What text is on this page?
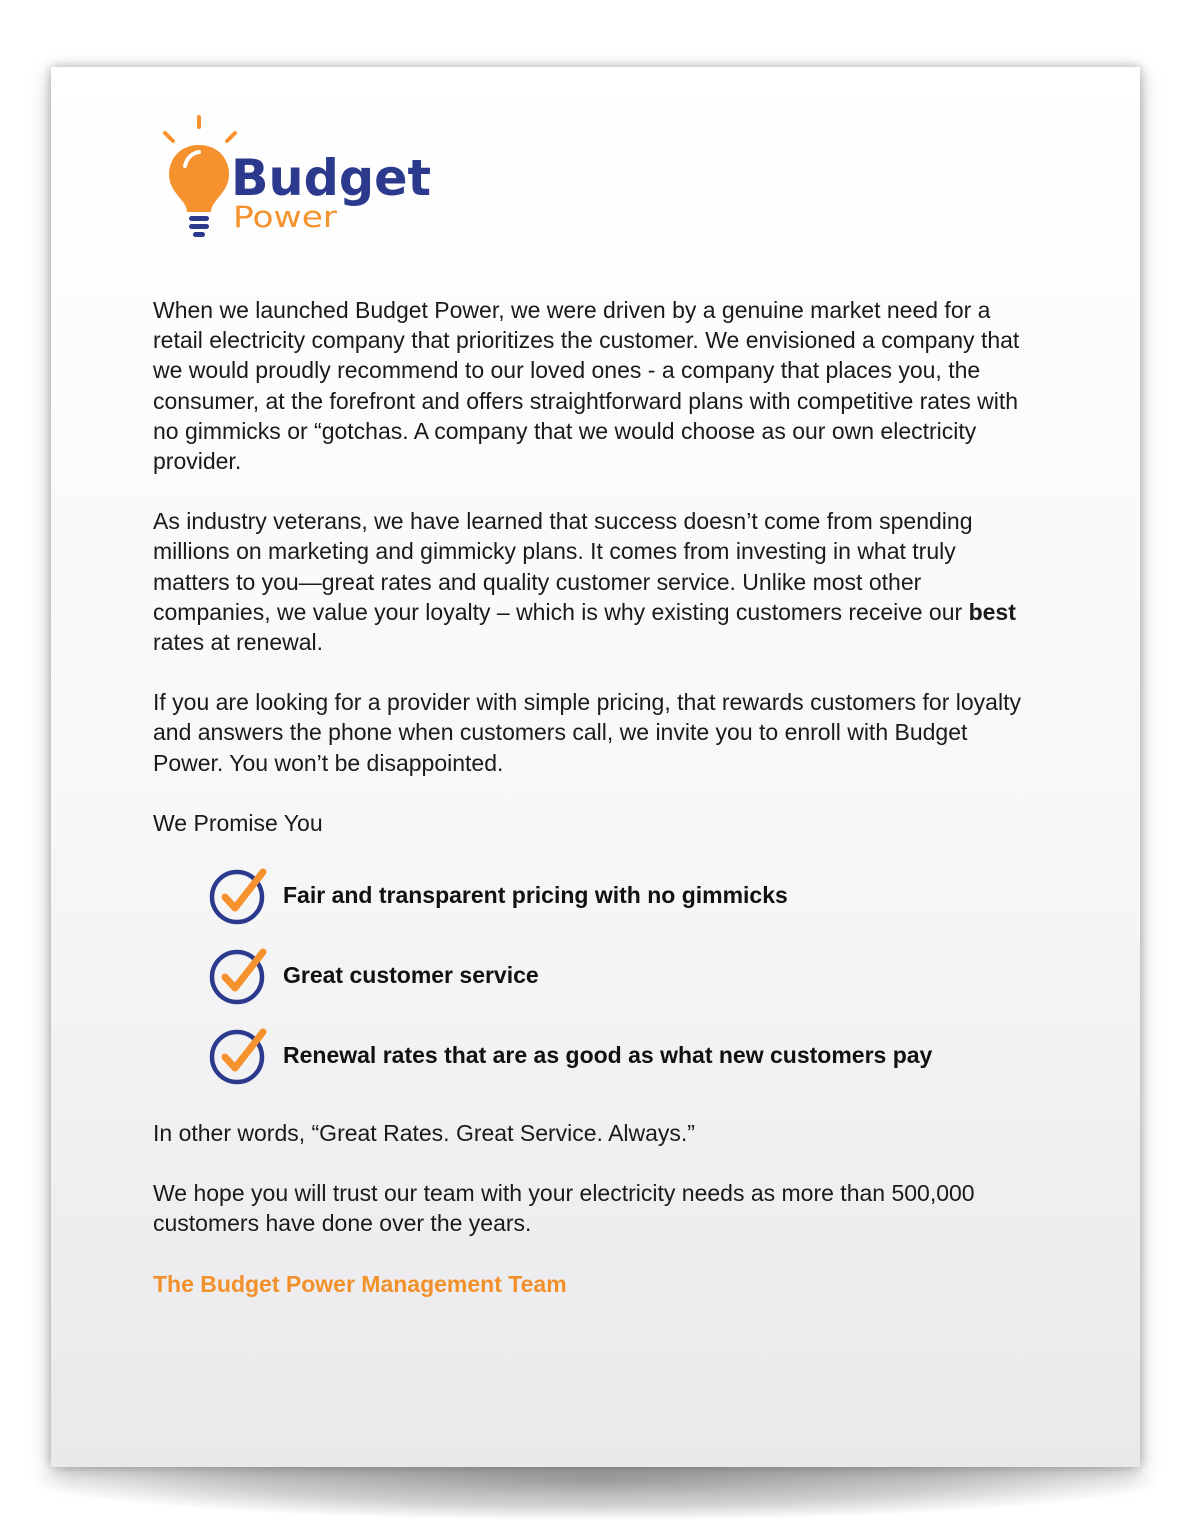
Budget
Power

When we launched Budget Power, we were driven by a genuine market need for a retail electricity company that prioritizes the customer. We envisioned a company that we would proudly recommend to our loved ones - a company that places you, the consumer, at the forefront and offers straightforward plans with competitive rates with no gimmicks or “gotchas. A company that we would choose as our own electricity provider.

As industry veterans, we have learned that success doesn’t come from spending millions on marketing and gimmicky plans. It comes from investing in what truly matters to you—great rates and quality customer service. Unlike most other companies, we value your loyalty – which is why existing customers receive our best rates at renewal.

If you are looking for a provider with simple pricing, that rewards customers for loyalty and answers the phone when customers call, we invite you to enroll with Budget Power. You won’t be disappointed.

We Promise You

Fair and transparent pricing with no gimmicks
Great customer service
Renewal rates that are as good as what new customers pay

In other words, “Great Rates. Great Service. Always.”

We hope you will trust our team with your electricity needs as more than 500,000 customers have done over the years.

The Budget Power Management Team
